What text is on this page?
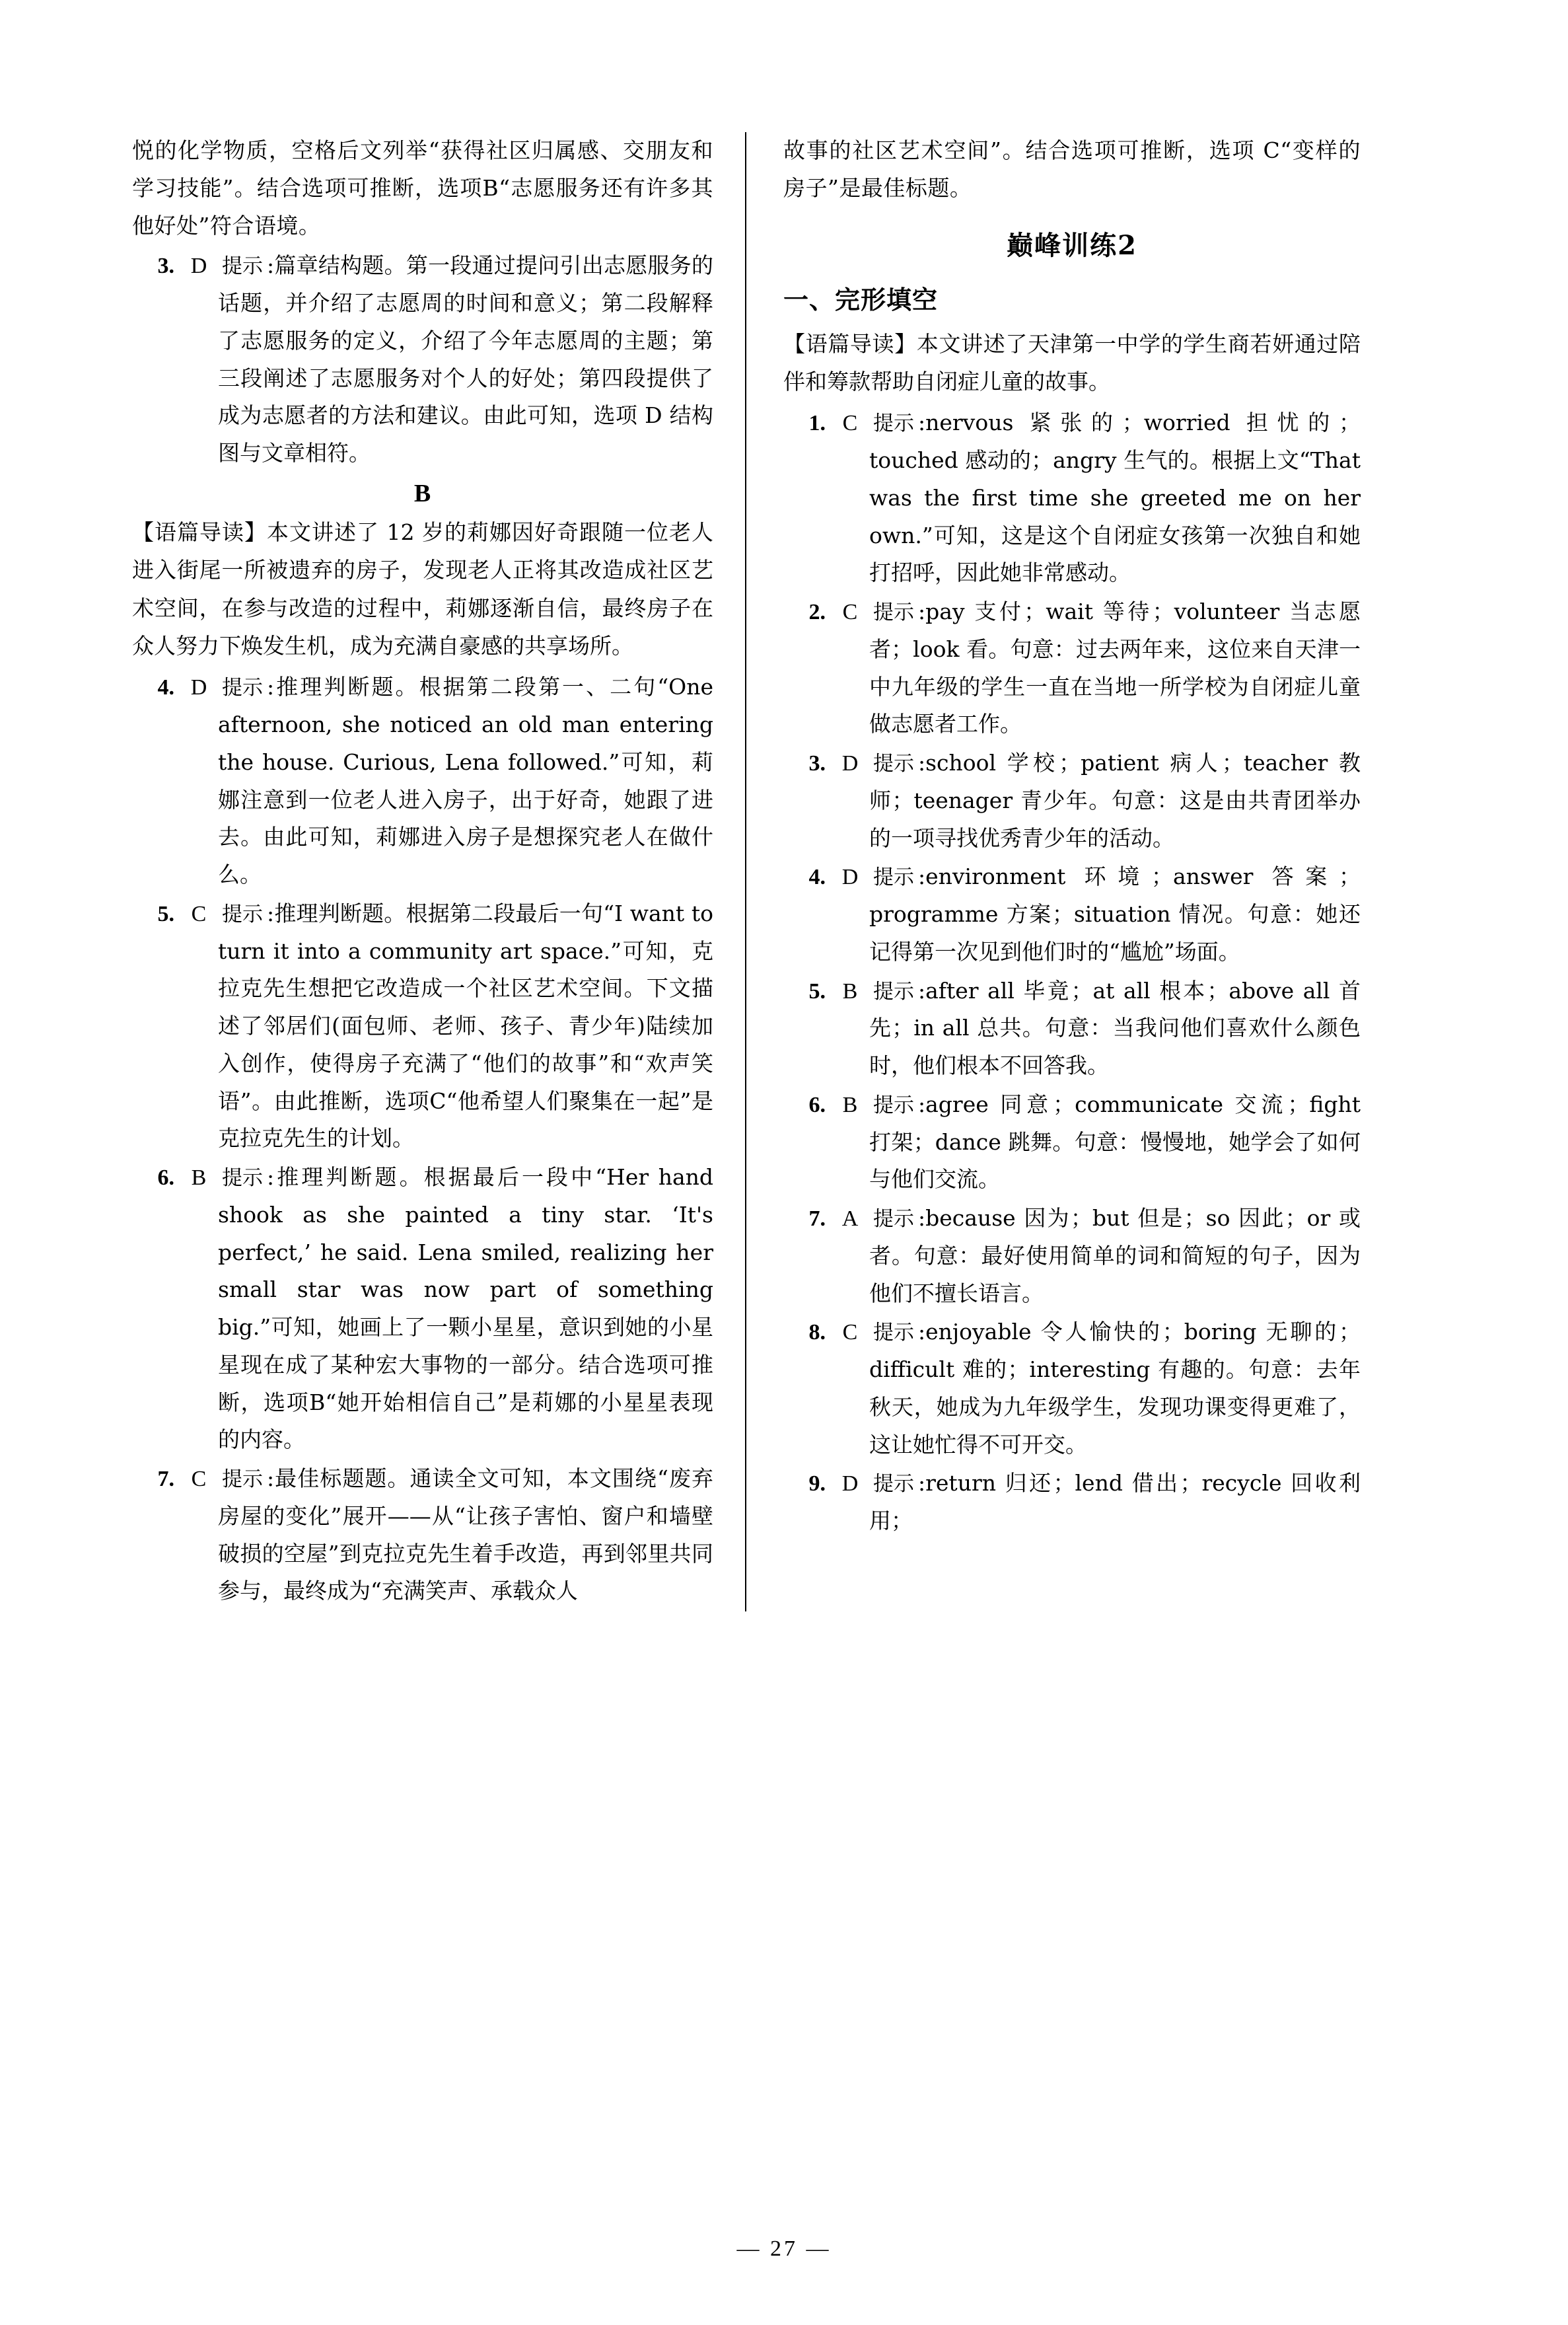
悦的化学物质，空格后文列举“获得社区归属感、交朋友和学习技能”。结合选项可推断，选项B“志愿服务还有许多其他好处”符合语境。
3. D 提示 :篇章结构题。第一段通过提问引出志愿服务的话题，并介绍了志愿周的时间和意义；第二段解释了志愿服务的定义，介绍了今年志愿周的主题；第三段阐述了志愿服务对个人的好处；第四段提供了成为志愿者的方法和建议。由此可知，选项 D 结构图与文章相符。
B
【语篇导读】本文讲述了 12 岁的莉娜因好奇跟随一位老人进入街尾一所被遗弃的房子，发现老人正将其改造成社区艺术空间，在参与改造的过程中，莉娜逐渐自信，最终房子在众人努力下焕发生机，成为充满自豪感的共享场所。
4. D 提示 :推理判断题。根据第二段第一、二句“One afternoon, she noticed an old man entering the house. Curious, Lena followed.”可知，莉娜注意到一位老人进入房子，出于好奇，她跟了进去。由此可知，莉娜进入房子是想探究老人在做什么。
5. C 提示 :推理判断题。根据第二段最后一句“I want to turn it into a community art space.”可知，克拉克先生想把它改造成一个社区艺术空间。下文描述了邻居们(面包师、老师、孩子、青少年)陆续加入创作，使得房子充满了“他们的故事”和“欢声笑语”。由此推断，选项C“他希望人们聚集在一起”是克拉克先生的计划。
6. B 提示 :推理判断题。根据最后一段中“Her hand shook as she painted a tiny star. ‘It's perfect,’ he said. Lena smiled, realizing her small star was now part of something big.”可知，她画上了一颗小星星，意识到她的小星星现在成了某种宏大事物的一部分。结合选项可推断，选项B“她开始相信自己”是莉娜的小星星表现的内容。
7. C 提示 :最佳标题题。通读全文可知，本文围绕“废弃房屋的变化”展开——从“让孩子害怕、窗户和墙壁破损的空屋”到克拉克先生着手改造，再到邻里共同参与，最终成为“充满笑声、承载众人
故事的社区艺术空间”。结合选项可推断，选项 C“变样的房子”是最佳标题。
巅峰训练2
一、完形填空
【语篇导读】本文讲述了天津第一中学的学生商若妍通过陪伴和筹款帮助自闭症儿童的故事。
1. C 提示 :nervous 紧张的；worried 担忧的；touched 感动的；angry 生气的。根据上文“That was the first time she greeted me on her own.”可知，这是这个自闭症女孩第一次独自和她打招呼，因此她非常感动。
2. C 提示 :pay 支付；wait 等待；volunteer 当志愿者；look 看。句意：过去两年来，这位来自天津一中九年级的学生一直在当地一所学校为自闭症儿童做志愿者工作。
3. D 提示 :school 学校；patient 病人；teacher 教师；teenager 青少年。句意：这是由共青团举办的一项寻找优秀青少年的活动。
4. D 提示 :environment 环境；answer 答案；programme 方案；situation 情况。句意：她还记得第一次见到他们时的“尴尬”场面。
5. B 提示 :after all 毕竟；at all 根本；above all 首先；in all 总共。句意：当我问他们喜欢什么颜色时，他们根本不回答我。
6. B 提示 :agree 同意；communicate 交流；fight 打架；dance 跳舞。句意：慢慢地，她学会了如何与他们交流。
7. A 提示 :because 因为；but 但是；so 因此；or 或者。句意：最好使用简单的词和简短的句子，因为他们不擅长语言。
8. C 提示 :enjoyable 令人愉快的；boring 无聊的；difficult 难的；interesting 有趣的。句意：去年秋天，她成为九年级学生，发现功课变得更难了，这让她忙得不可开交。
9. D 提示 :return 归还；lend 借出；recycle 回收利用；
— 27 —
